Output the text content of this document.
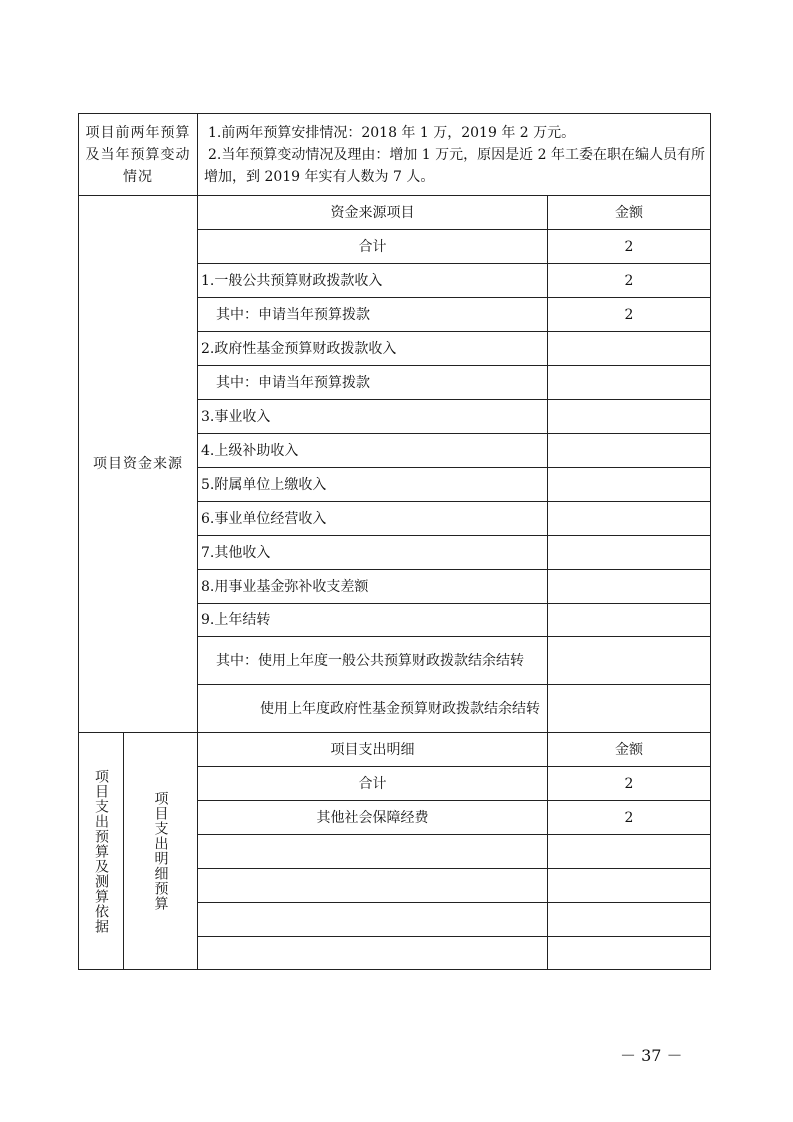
项目前两年预算及当年预算变动情况		1.前两年预算安排情况：2018 年 1 万，2019 年 2 万元。
2.当年预算变动情况及理由：增加 1 万元，原因是近 2 年工委在职在编人员有所增加，到 2019 年实有人数为 7 人。	

项目资金来源		资金来源项目	金额
		合计	2
		1.一般公共预算财政拨款收入	2
		其中：申请当年预算拨款	2
		2.政府性基金预算财政拨款收入	
		其中：申请当年预算拨款	
		3.事业收入	
		4.上级补助收入	
		5.附属单位上缴收入	
		6.事业单位经营收入	
		7.其他收入	
		8.用事业基金弥补收支差额	
		9.上年结转	
		其中：使用上年度一般公共预算财政拨款结余结转	
		使用上年度政府性基金预算财政拨款结余结转	

项目支出预算及测算依据	项目支出明细预算	项目支出明细	金额
		合计	2
		其他社会保障经费	2

－ 37 －
